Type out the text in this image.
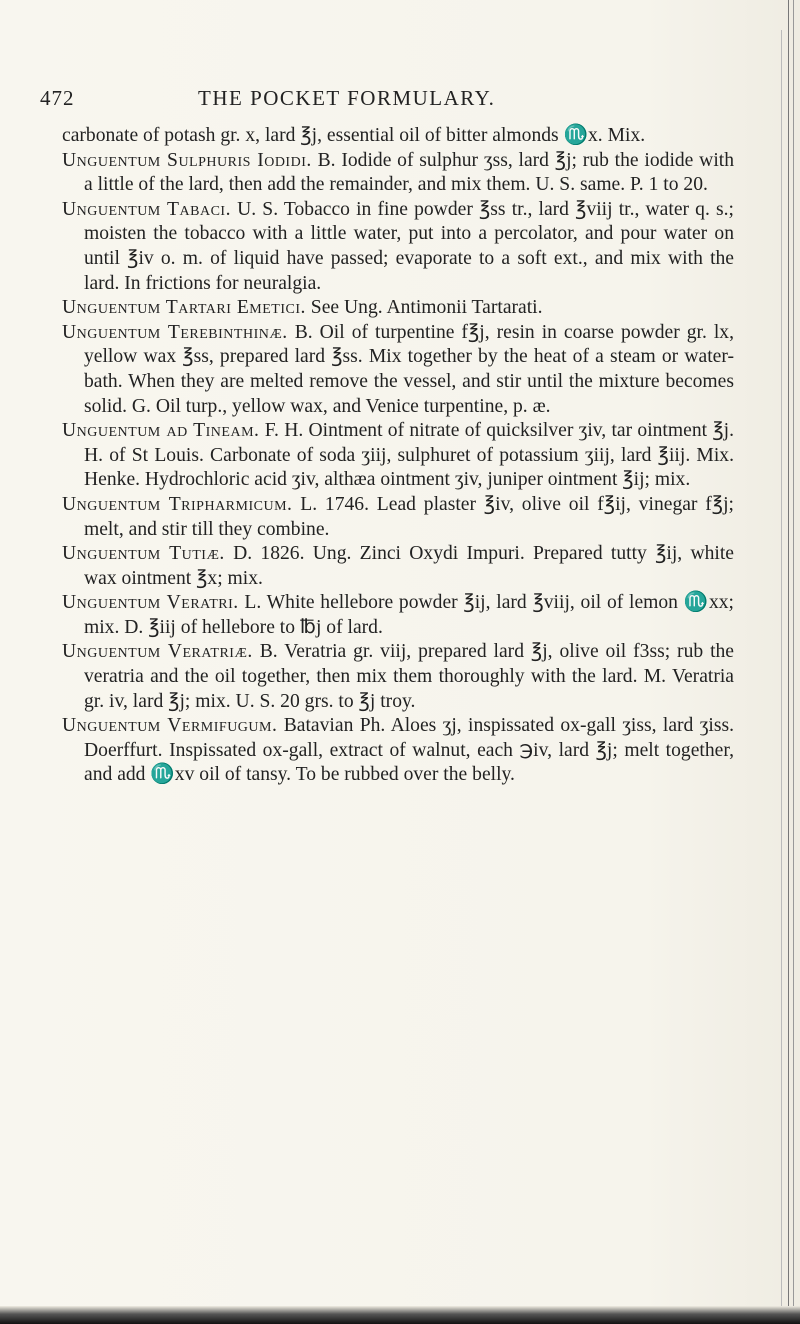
472	THE POCKET FORMULARY.

carbonate of potash gr. x, lard ℥j, essential oil of bitter almonds ♏x. Mix.

Unguentum Sulphuris Iodidi. B. Iodide of sulphur ʒss, lard ℥j; rub the iodide with a little of the lard, then add the remainder, and mix them. U. S. same. P. 1 to 20.

Unguentum Tabaci. U. S. Tobacco in fine powder ℥ss tr., lard ℥viij tr., water q. s.; moisten the tobacco with a little water, put into a percolator, and pour water on until ℥iv o. m. of liquid have passed; evaporate to a soft ext., and mix with the lard. In frictions for neuralgia.

Unguentum Tartari Emetici. See Ung. Antimonii Tartarati.

Unguentum Terebinthinæ. B. Oil of turpentine f℥j, resin in coarse powder gr. lx, yellow wax ℥ss, prepared lard ℥ss. Mix together by the heat of a steam or water-bath. When they are melted remove the vessel, and stir until the mixture becomes solid. G. Oil turp., yellow wax, and Venice turpentine, p. æ.

Unguentum ad Tineam. F. H. Ointment of nitrate of quicksilver ʒiv, tar ointment ℥j. H. of St Louis. Carbonate of soda ʒiij, sulphuret of potassium ʒiij, lard ℥iij. Mix. Henke. Hydrochloric acid ʒiv, althæa ointment ʒiv, juniper ointment ℥ij; mix.

Unguentum Tripharmicum. L. 1746. Lead plaster ℥iv, olive oil f℥ij, vinegar f℥j; melt, and stir till they combine.

Unguentum Tutiæ. D. 1826. Ung. Zinci Oxydi Impuri. Prepared tutty ℥ij, white wax ointment ℥x; mix.

Unguentum Veratri. L. White hellebore powder ℥ij, lard ℥viij, oil of lemon ♏xx; mix. D. ℥iij of hellebore to ℔j of lard.

Unguentum Veratriæ. B. Veratria gr. viij, prepared lard ℥j, olive oil f3ss; rub the veratria and the oil together, then mix them thoroughly with the lard. M. Veratria gr. iv, lard ℥j; mix. U. S. 20 grs. to ℥j troy.

Unguentum Vermifugum. Batavian Ph. Aloes ʒj, inspissated ox-gall ʒiss, lard ʒiss. Doerffurt. Inspissated ox-gall, extract of walnut, each ℈iv, lard ℥j; melt together, and add ♏xv oil of tansy. To be rubbed over the belly.
